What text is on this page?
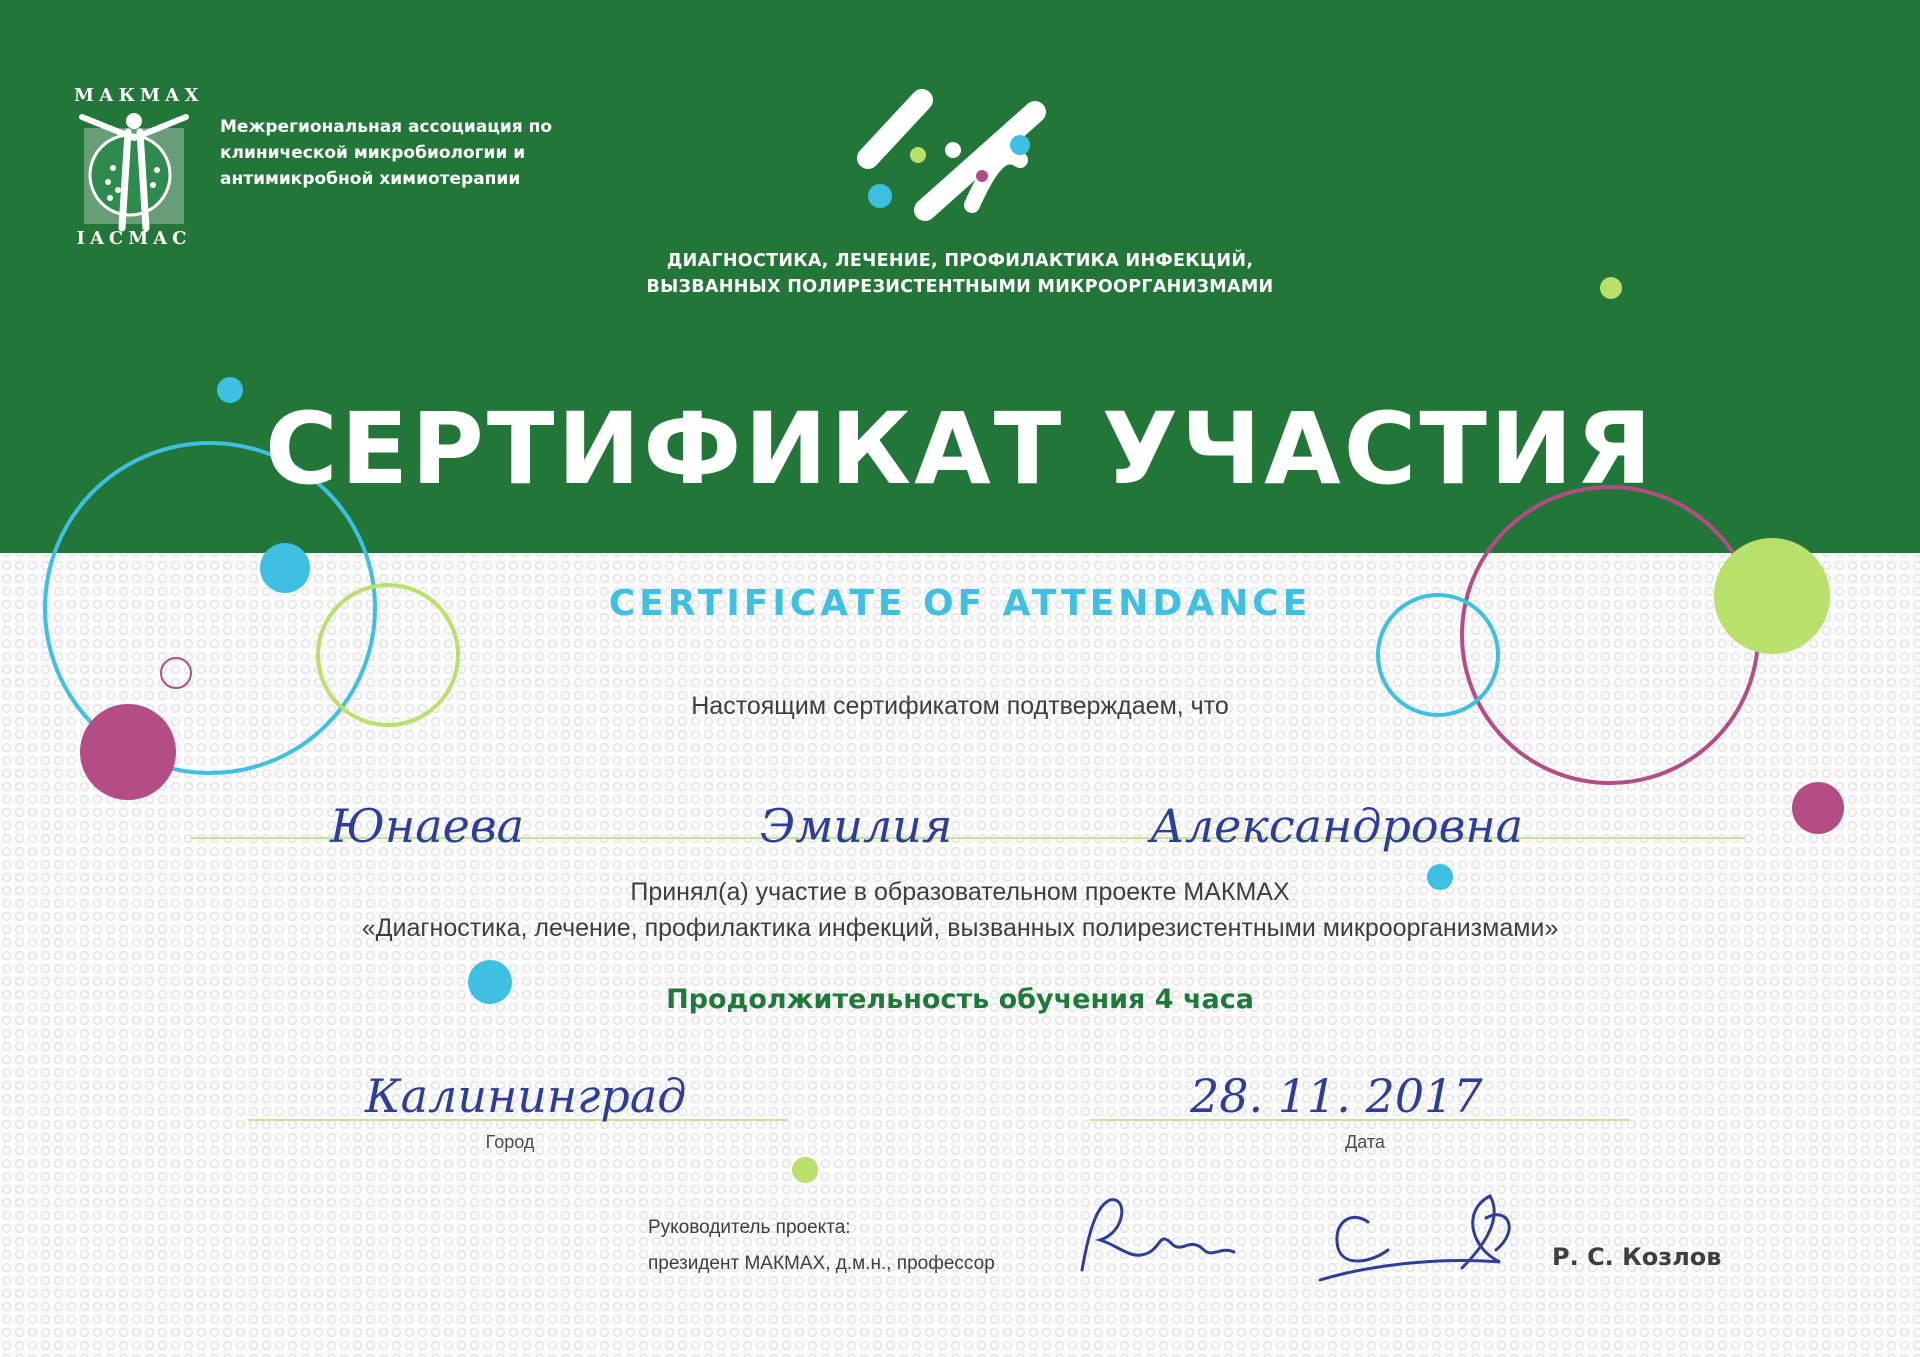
МАКМАХ
IACMAC
Межрегиональная ассоциация по клинической микробиологии и антимикробной химиотерапии
ДИАГНОСТИКА, ЛЕЧЕНИЕ, ПРОФИЛАКТИКА ИНФЕКЦИЙ, ВЫЗВАННЫХ ПОЛИРЕЗИСТЕНТНЫМИ МИКРООРГАНИЗМАМИ
СЕРТИФИКАТ УЧАСТИЯ
CERTIFICATE OF ATTENDANCE
Настоящим сертификатом подтверждаем, что
Юнаева	Эмилия	Александровна
Принял(а) участие в образовательном проекте МАКМАХ
«Диагностика, лечение, профилактика инфекций, вызванных полирезистентными микроорганизмами»
Продолжительность обучения 4 часа
Калининград
Город
28. 11. 2017
Дата
Руководитель проекта:
президент МАКМАХ, д.м.н., профессор	Р. С. Козлов
